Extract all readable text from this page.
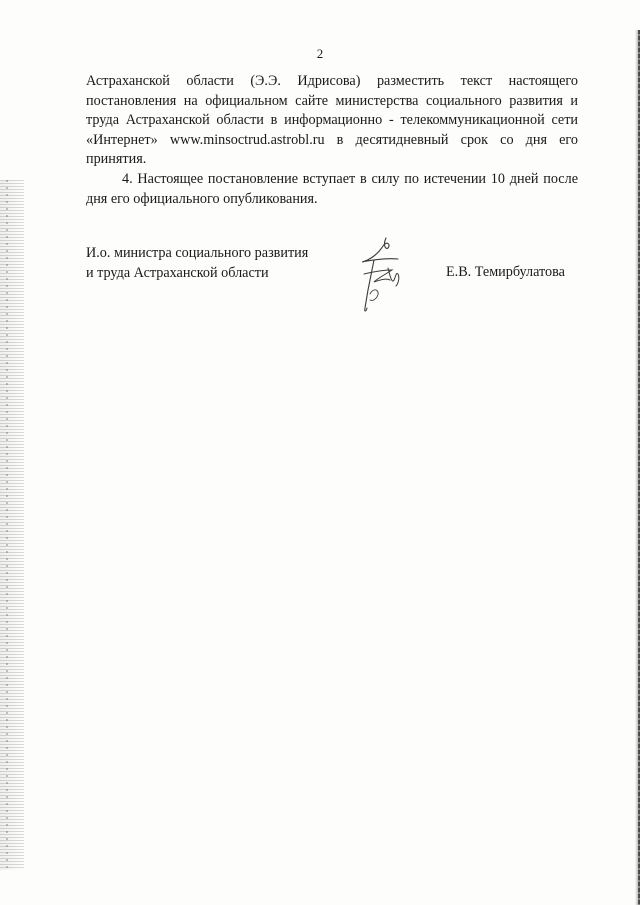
2

Астраханской области (Э.Э. Идрисова) разместить текст настоящего постановления на официальном сайте министерства социального развития и труда Астраханской области в информационно - телекоммуникационной сети «Интернет» www.minsoctrud.astrobl.ru в десятидневный срок со дня его принятия.

4. Настоящее постановление вступает в силу по истечении 10 дней после дня его официального опубликования.

И.о. министра социального развития
и труда Астраханской области	Е.В. Темирбулатова
